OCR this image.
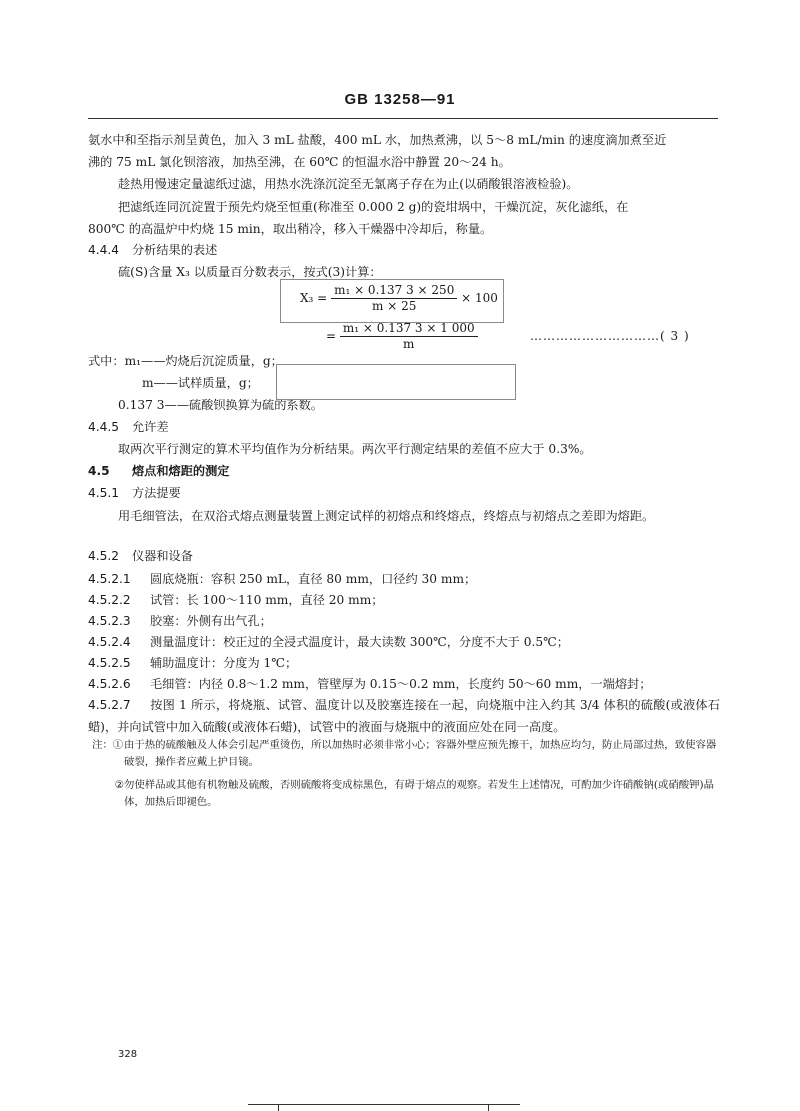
GB 13258—91
氨水中和至指示剂呈黄色，加入 3 mL 盐酸，400 mL 水，加热煮沸，以 5～8 mL/min 的速度滴加煮至近
沸的 75 mL 氯化钡溶液，加热至沸，在 60℃ 的恒温水浴中静置 20～24 h。
趁热用慢速定量滤纸过滤，用热水洗涤沉淀至无氯离子存在为止(以硝酸银溶液检验)。
把滤纸连同沉淀置于预先灼烧至恒重(称准至 0.000 2 g)的瓷坩埚中，干燥沉淀，灰化滤纸，在
800℃ 的高温炉中灼烧 15 min，取出稍冷，移入干燥器中冷却后，称量。
4.4.4 分析结果的表述
硫(S)含量 X₃ 以质量百分数表示，按式(3)计算：
X₃ =
$\frac{\text{m₁ × 0.137 3 × 250}}{m \times 25}$
× 100
=
$\frac{\text{m₁ × 0.137 3 × 1 000}}{m}$	…………………………( 3 )
式中：m₁——灼烧后沉淀质量，g；
m——试样质量，g；
0.137 3——硫酸钡换算为硫的系数。
4.4.5 允许差
取两次平行测定的算术平均值作为分析结果。两次平行测定结果的差值不应大于 0.3%。
4.5 熔点和熔距的测定
4.5.1 方法提要
用毛细管法，在双浴式熔点测量装置上测定试样的初熔点和终熔点，终熔点与初熔点之差即为熔距。
4.5.2 仪器和设备
4.5.2.1 圆底烧瓶：容积 250 mL，直径 80 mm，口径约 30 mm；
4.5.2.2 试管：长 100～110 mm，直径 20 mm；
4.5.2.3 胶塞：外侧有出气孔；
4.5.2.4 测量温度计：校正过的全浸式温度计，最大读数 300℃，分度不大于 0.5℃；
4.5.2.5 辅助温度计：分度为 1℃；
4.5.2.6 毛细管：内径 0.8～1.2 mm，管壁厚为 0.15～0.2 mm，长度约 50～60 mm，一端熔封；
4.5.2.7 按图 1 所示，将烧瓶、试管、温度计以及胶塞连接在一起，向烧瓶中注入约其 3/4 体积的硫酸(或液体石蜡)，并向试管中加入硫酸(或液体石蜡)，试管中的液面与烧瓶中的液面应处在同一高度。
注：① 由于热的硫酸触及人体会引起严重烫伤，所以加热时必须非常小心；容器外壁应预先擦干，加热应均匀，防止局部过热，致使容器破裂，操作者应戴上护目镜。
② 勿使样品或其他有机物触及硫酸，否则硫酸将变成棕黑色，有碍于熔点的观察。若发生上述情况，可酌加少许硝酸钠(或硝酸钾)晶体，加热后即褪色。
328
